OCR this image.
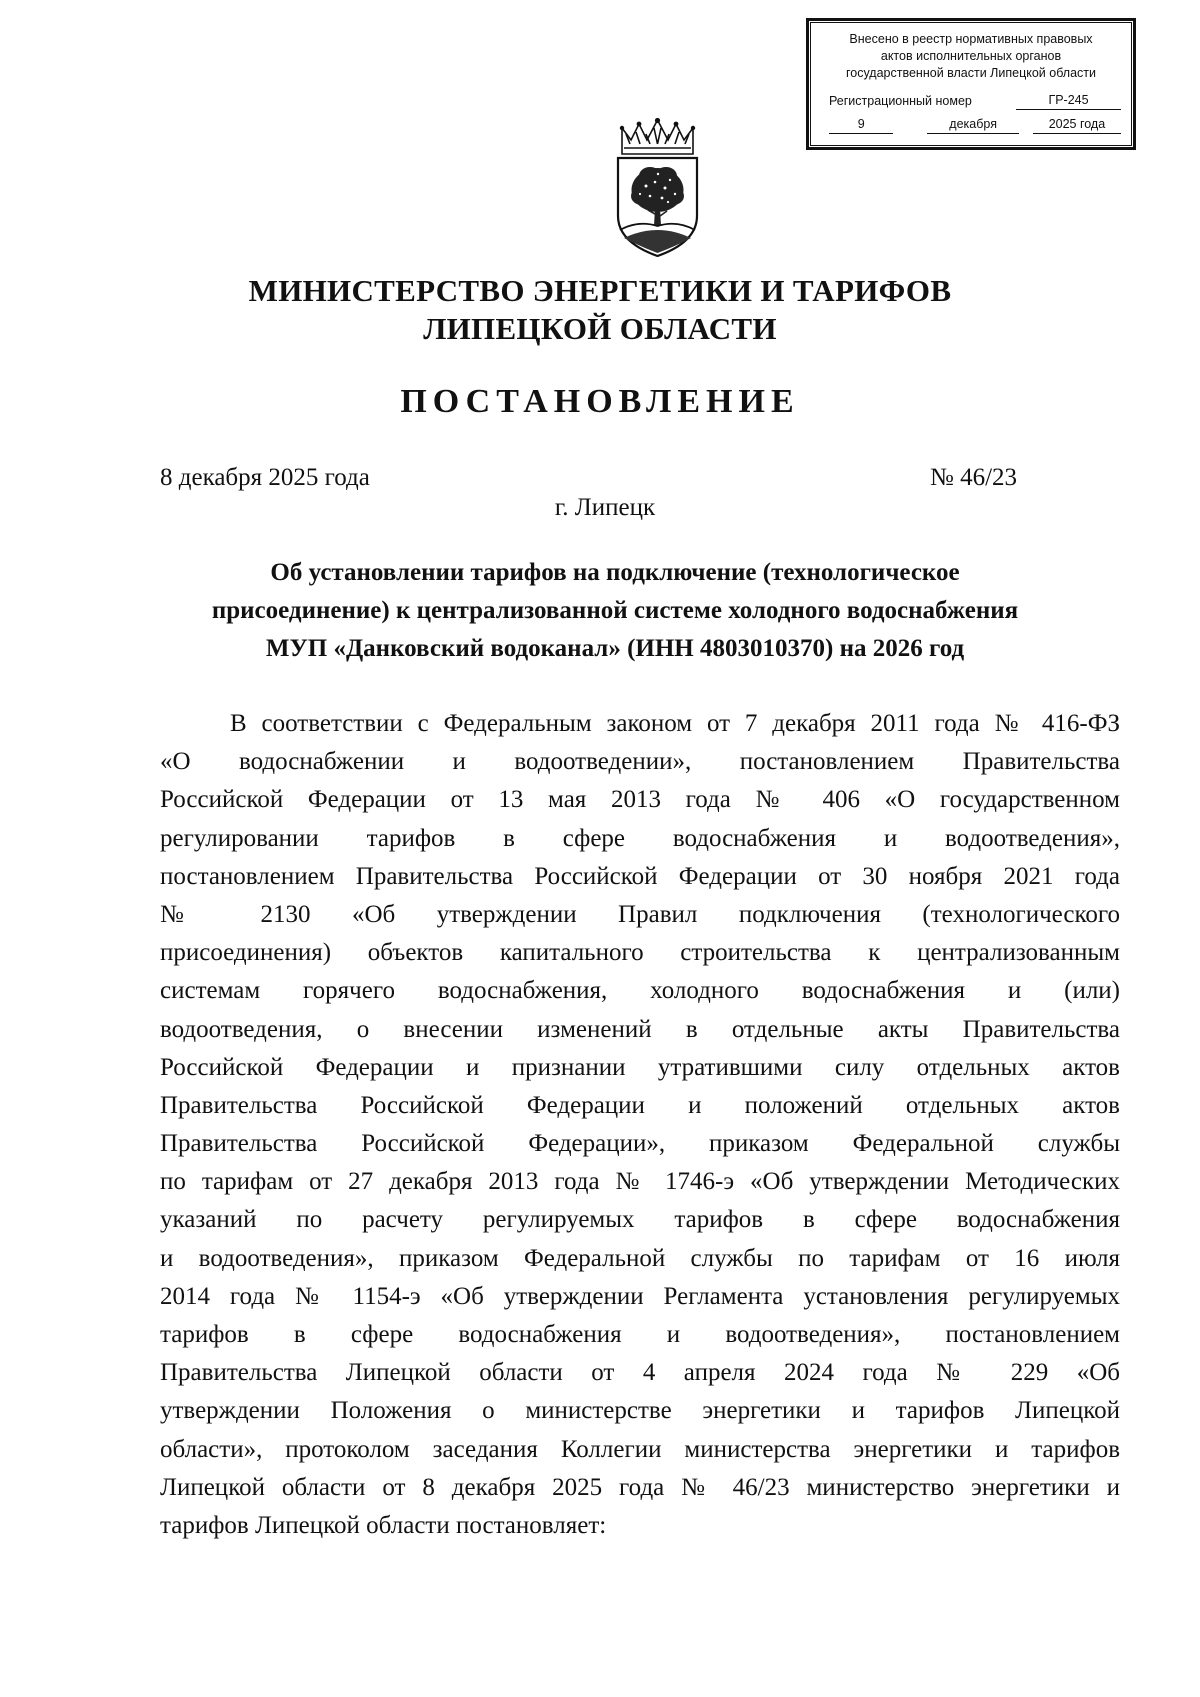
Внесено в реестр нормативных правовых
актов исполнительных органов
государственной власти Липецкой области
Регистрационный номер	ГР-245
9	декабря	2025 года
МИНИСТЕРСТВО ЭНЕРГЕТИКИ И ТАРИФОВ
ЛИПЕЦКОЙ ОБЛАСТИ
ПОСТАНОВЛЕНИЕ
8 декабря 2025 года	№ 46/23
г. Липецк
Об установлении тарифов на подключение (технологическое
присоединение) к централизованной системе холодного водоснабжения
МУП «Данковский водоканал» (ИНН 4803010370) на 2026 год
В соответствии с Федеральным законом от 7 декабря 2011 года № 416-ФЗ
«О водоснабжении и водоотведении», постановлением Правительства
Российской Федерации от 13 мая 2013 года № 406 «О государственном
регулировании тарифов в сфере водоснабжения и водоотведения»,
постановлением Правительства Российской Федерации от 30 ноября 2021 года
№ 2130 «Об утверждении Правил подключения (технологического
присоединения) объектов капитального строительства к централизованным
системам горячего водоснабжения, холодного водоснабжения и (или)
водоотведения, о внесении изменений в отдельные акты Правительства
Российской Федерации и признании утратившими силу отдельных актов
Правительства Российской Федерации и положений отдельных актов
Правительства Российской Федерации», приказом Федеральной службы
по тарифам от 27 декабря 2013 года № 1746-э «Об утверждении Методических
указаний по расчету регулируемых тарифов в сфере водоснабжения
и водоотведения», приказом Федеральной службы по тарифам от 16 июля
2014 года № 1154-э «Об утверждении Регламента установления регулируемых
тарифов в сфере водоснабжения и водоотведения», постановлением
Правительства Липецкой области от 4 апреля 2024 года № 229 «Об
утверждении Положения о министерстве энергетики и тарифов Липецкой
области», протоколом заседания Коллегии министерства энергетики и тарифов
Липецкой области от 8 декабря 2025 года № 46/23 министерство энергетики и
тарифов Липецкой области постановляет:
